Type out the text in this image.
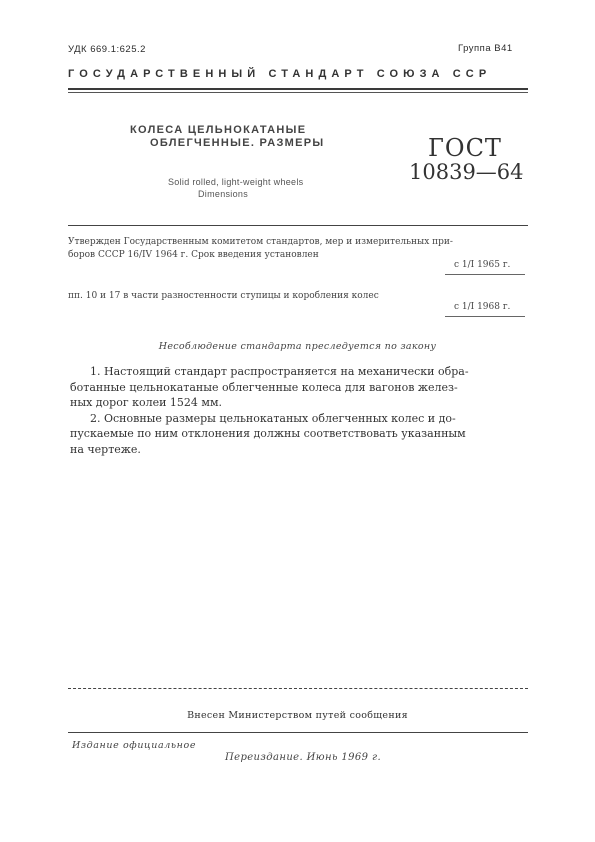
УДК 669.1:625.2	Группа В41
ГОСУДАРСТВЕННЫЙ СТАНДАРТ СОЮЗА ССР
КОЛЕСА ЦЕЛЬНОКАТАНЫЕ
ОБЛЕГЧЕННЫЕ. РАЗМЕРЫ
Solid rolled, light-weight wheels
Dimensions
ГОСТ
10839—64
Утвержден Государственным комитетом стандартов, мер и измерительных при-
боров СССР 16/IV 1964 г. Срок введения установлен
с 1/I 1965 г.
пп. 10 и 17 в части разностенности ступицы и коробления колес
с 1/I 1968 г.
Несоблюдение стандарта преследуется по закону
1. Настоящий стандарт распространяется на механически обра-
ботанные цельнокатаные облегченные колеса для вагонов желез-
ных дорог колеи 1524 мм.
2. Основные размеры цельнокатаных облегченных колес и до-
пускаемые по ним отклонения должны соответствовать указанным
на чертеже.
Внесен Министерством путей сообщения
Издание официальное
Переиздание. Июнь 1969 г.
